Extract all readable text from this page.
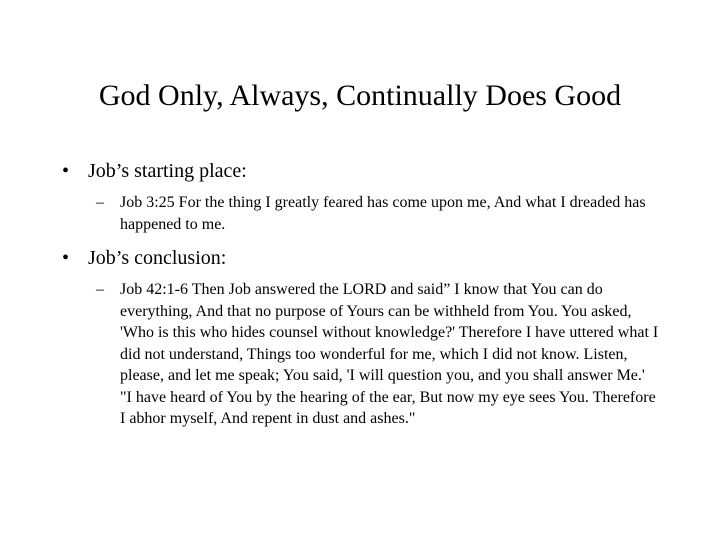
God Only, Always, Continually Does Good
• Job’s starting place:
– Job 3:25 For the thing I greatly feared has come upon me, And what I dreaded has happened to me.
• Job’s conclusion:
– Job 42:1-6 Then Job answered the LORD and said” I know that You can do everything, And that no purpose of Yours can be withheld from You. You asked, 'Who is this who hides counsel without knowledge?' Therefore I have uttered what I did not understand, Things too wonderful for me, which I did not know. Listen, please, and let me speak; You said, 'I will question you, and you shall answer Me.' "I have heard of You by the hearing of the ear, But now my eye sees You. Therefore I abhor myself, And repent in dust and ashes."
